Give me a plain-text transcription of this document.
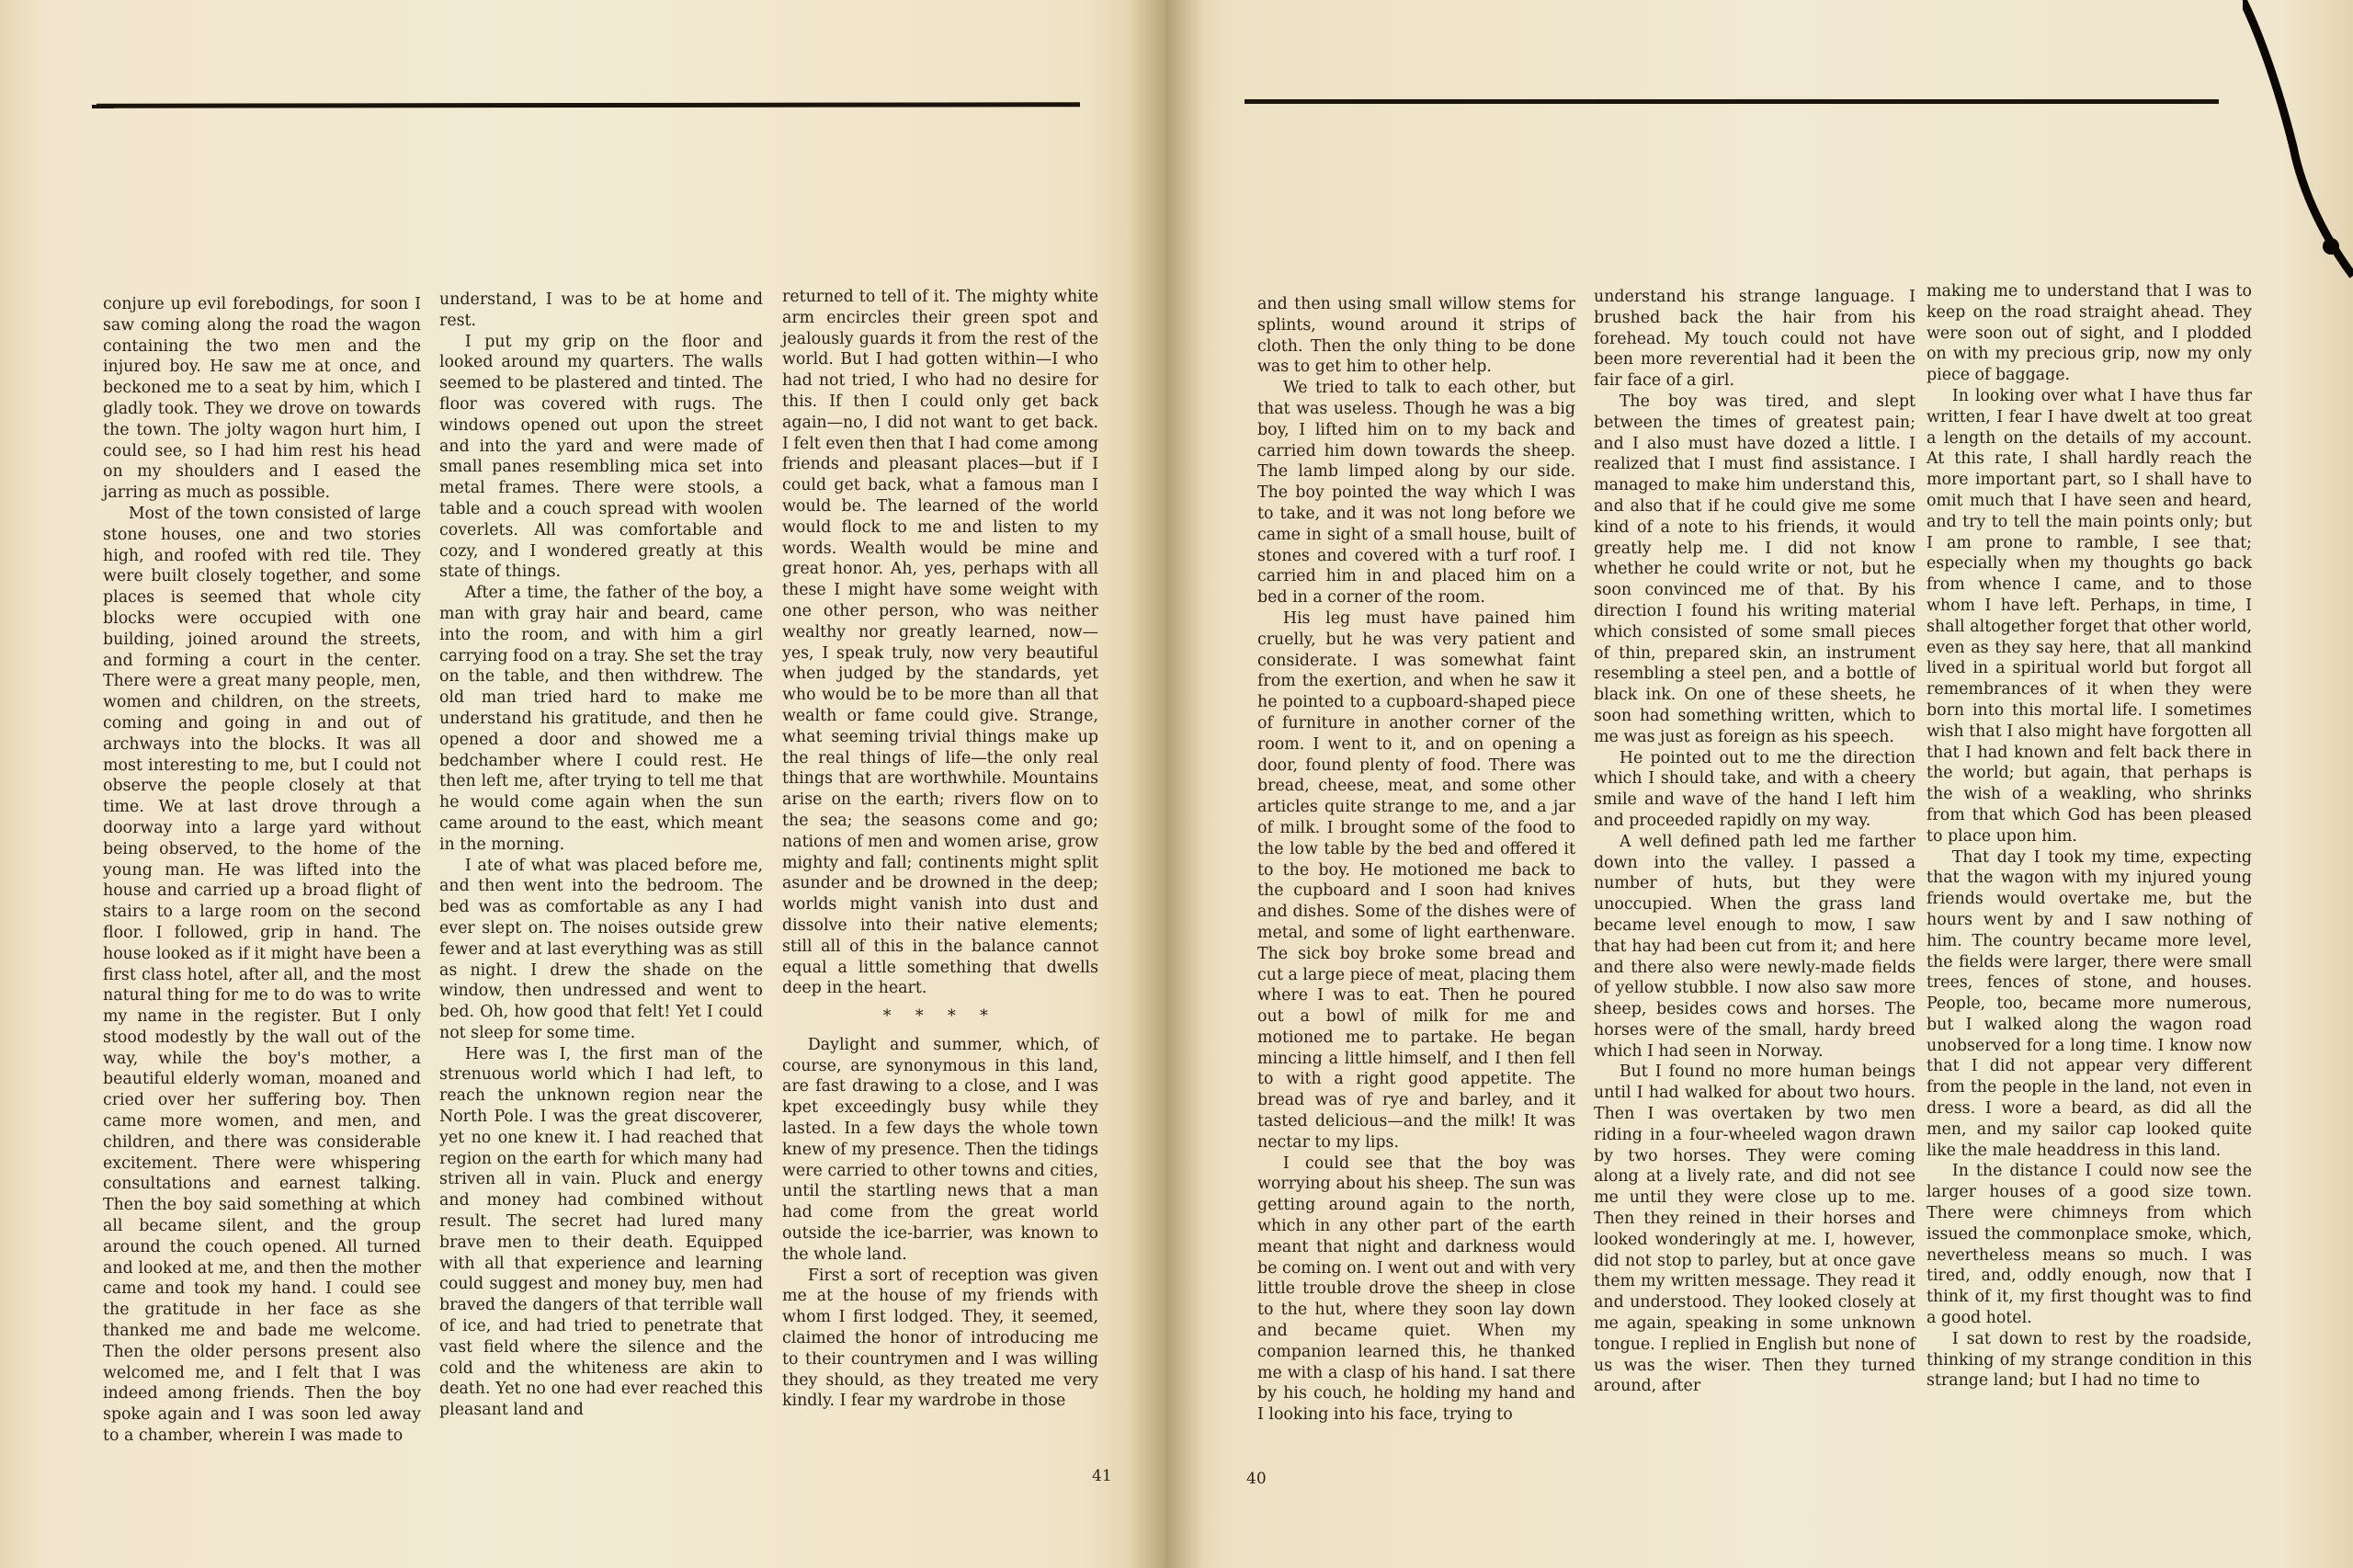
conjure up evil forebodings, for soon I saw coming along the road the wagon containing the two men and the injured boy. He saw me at once, and beckoned me to a seat by him, which I gladly took. They we drove on towards the town. The jolty wagon hurt him, I could see, so I had him rest his head on my shoulders and I eased the jarring as much as possible.

Most of the town consisted of large stone houses, one and two stories high, and roofed with red tile. They were built closely together, and some places is seemed that whole city blocks were occupied with one building, joined around the streets, and forming a court in the center. There were a great many people, men, women and children, on the streets, coming and going in and out of archways into the blocks. It was all most interesting to me, but I could not observe the people closely at that time. We at last drove through a doorway into a large yard without being observed, to the home of the young man. He was lifted into the house and carried up a broad flight of stairs to a large room on the second floor. I followed, grip in hand. The house looked as if it might have been a first class hotel, after all, and the most natural thing for me to do was to write my name in the register. But I only stood modestly by the wall out of the way, while the boy's mother, a beautiful elderly woman, moaned and cried over her suffering boy. Then came more women, and men, and children, and there was considerable excitement. There were whispering consultations and earnest talking. Then the boy said something at which all became silent, and the group around the couch opened. All turned and looked at me, and then the mother came and took my hand. I could see the gratitude in her face as she thanked me and bade me welcome. Then the older persons present also welcomed me, and I felt that I was indeed among friends. Then the boy spoke again and I was soon led away to a chamber, wherein I was made to

understand, I was to be at home and rest.

I put my grip on the floor and looked around my quarters. The walls seemed to be plastered and tinted. The floor was covered with rugs. The windows opened out upon the street and into the yard and were made of small panes resembling mica set into metal frames. There were stools, a table and a couch spread with woolen coverlets. All was comfortable and cozy, and I wondered greatly at this state of things.

After a time, the father of the boy, a man with gray hair and beard, came into the room, and with him a girl carrying food on a tray. She set the tray on the table, and then withdrew. The old man tried hard to make me understand his gratitude, and then he opened a door and showed me a bedchamber where I could rest. He then left me, after trying to tell me that he would come again when the sun came around to the east, which meant in the morning.

I ate of what was placed before me, and then went into the bedroom. The bed was as comfortable as any I had ever slept on. The noises outside grew fewer and at last everything was as still as night. I drew the shade on the window, then undressed and went to bed. Oh, how good that felt! Yet I could not sleep for some time.

Here was I, the first man of the strenuous world which I had left, to reach the unknown region near the North Pole. I was the great discoverer, yet no one knew it. I had reached that region on the earth for which many had striven all in vain. Pluck and energy and money had combined without result. The secret had lured many brave men to their death. Equipped with all that experience and learning could suggest and money buy, men had braved the dangers of that terrible wall of ice, and had tried to penetrate that vast field where the silence and the cold and the whiteness are akin to death. Yet no one had ever reached this pleasant land and

returned to tell of it. The mighty white arm encircles their green spot and jealously guards it from the rest of the world. But I had gotten within—I who had not tried, I who had no desire for this. If then I could only get back again—no, I did not want to get back. I felt even then that I had come among friends and pleasant places—but if I could get back, what a famous man I would be. The learned of the world would flock to me and listen to my words. Wealth would be mine and great honor. Ah, yes, perhaps with all these I might have some weight with one other person, who was neither wealthy nor greatly learned, now—yes, I speak truly, now very beautiful when judged by the standards, yet who would be to be more than all that wealth or fame could give. Strange, what seeming trivial things make up the real things of life—the only real things that are worthwhile. Mountains arise on the earth; rivers flow on to the sea; the seasons come and go; nations of men and women arise, grow mighty and fall; continents might split asunder and be drowned in the deep; worlds might vanish into dust and dissolve into their native elements; still all of this in the balance cannot equal a little something that dwells deep in the heart.

* * * *

Daylight and summer, which, of course, are synonymous in this land, are fast drawing to a close, and I was kpet exceedingly busy while they lasted. In a few days the whole town knew of my presence. Then the tidings were carried to other towns and cities, until the startling news that a man had come from the great world outside the ice-barrier, was known to the whole land.

First a sort of reception was given me at the house of my friends with whom I first lodged. They, it seemed, claimed the honor of introducing me to their countrymen and I was willing they should, as they treated me very kindly. I fear my wardrobe in those

41

and then using small willow stems for splints, wound around it strips of cloth. Then the only thing to be done was to get him to other help.

We tried to talk to each other, but that was useless. Though he was a big boy, I lifted him on to my back and carried him down towards the sheep. The lamb limped along by our side. The boy pointed the way which I was to take, and it was not long before we came in sight of a small house, built of stones and covered with a turf roof. I carried him in and placed him on a bed in a corner of the room.

His leg must have pained him cruelly, but he was very patient and considerate. I was somewhat faint from the exertion, and when he saw it he pointed to a cupboard-shaped piece of furniture in another corner of the room. I went to it, and on opening a door, found plenty of food. There was bread, cheese, meat, and some other articles quite strange to me, and a jar of milk. I brought some of the food to the low table by the bed and offered it to the boy. He motioned me back to the cupboard and I soon had knives and dishes. Some of the dishes were of metal, and some of light earthenware. The sick boy broke some bread and cut a large piece of meat, placing them where I was to eat. Then he poured out a bowl of milk for me and motioned me to partake. He began mincing a little himself, and I then fell to with a right good appetite. The bread was of rye and barley, and it tasted delicious—and the milk! It was nectar to my lips.

I could see that the boy was worrying about his sheep. The sun was getting around again to the north, which in any other part of the earth meant that night and darkness would be coming on. I went out and with very little trouble drove the sheep in close to the hut, where they soon lay down and became quiet. When my companion learned this, he thanked me with a clasp of his hand. I sat there by his couch, he holding my hand and I looking into his face, trying to

understand his strange language. I brushed back the hair from his forehead. My touch could not have been more reverential had it been the fair face of a girl.

The boy was tired, and slept between the times of greatest pain; and I also must have dozed a little. I realized that I must find assistance. I managed to make him understand this, and also that if he could give me some kind of a note to his friends, it would greatly help me. I did not know whether he could write or not, but he soon convinced me of that. By his direction I found his writing material which consisted of some small pieces of thin, prepared skin, an instrument resembling a steel pen, and a bottle of black ink. On one of these sheets, he soon had something written, which to me was just as foreign as his speech.

He pointed out to me the direction which I should take, and with a cheery smile and wave of the hand I left him and proceeded rapidly on my way.

A well defined path led me farther down into the valley. I passed a number of huts, but they were unoccupied. When the grass land became level enough to mow, I saw that hay had been cut from it; and here and there also were newly-made fields of yellow stubble. I now also saw more sheep, besides cows and horses. The horses were of the small, hardy breed which I had seen in Norway.

But I found no more human beings until I had walked for about two hours. Then I was overtaken by two men riding in a four-wheeled wagon drawn by two horses. They were coming along at a lively rate, and did not see me until they were close up to me. Then they reined in their horses and looked wonderingly at me. I, however, did not stop to parley, but at once gave them my written message. They read it and understood. They looked closely at me again, speaking in some unknown tongue. I replied in English but none of us was the wiser. Then they turned around, after

making me to understand that I was to keep on the road straight ahead. They were soon out of sight, and I plodded on with my precious grip, now my only piece of baggage.

In looking over what I have thus far written, I fear I have dwelt at too great a length on the details of my account. At this rate, I shall hardly reach the more important part, so I shall have to omit much that I have seen and heard, and try to tell the main points only; but I am prone to ramble, I see that; especially when my thoughts go back from whence I came, and to those whom I have left. Perhaps, in time, I shall altogether forget that other world, even as they say here, that all mankind lived in a spiritual world but forgot all remembrances of it when they were born into this mortal life. I sometimes wish that I also might have forgotten all that I had known and felt back there in the world; but again, that perhaps is the wish of a weakling, who shrinks from that which God has been pleased to place upon him.

That day I took my time, expecting that the wagon with my injured young friends would overtake me, but the hours went by and I saw nothing of him. The country became more level, the fields were larger, there were small trees, fences of stone, and houses. People, too, became more numerous, but I walked along the wagon road unobserved for a long time. I know now that I did not appear very different from the people in the land, not even in dress. I wore a beard, as did all the men, and my sailor cap looked quite like the male headdress in this land.

In the distance I could now see the larger houses of a good size town. There were chimneys from which issued the commonplace smoke, which, nevertheless means so much. I was tired, and, oddly enough, now that I think of it, my first thought was to find a good hotel.

I sat down to rest by the roadside, thinking of my strange condition in this strange land; but I had no time to

40
